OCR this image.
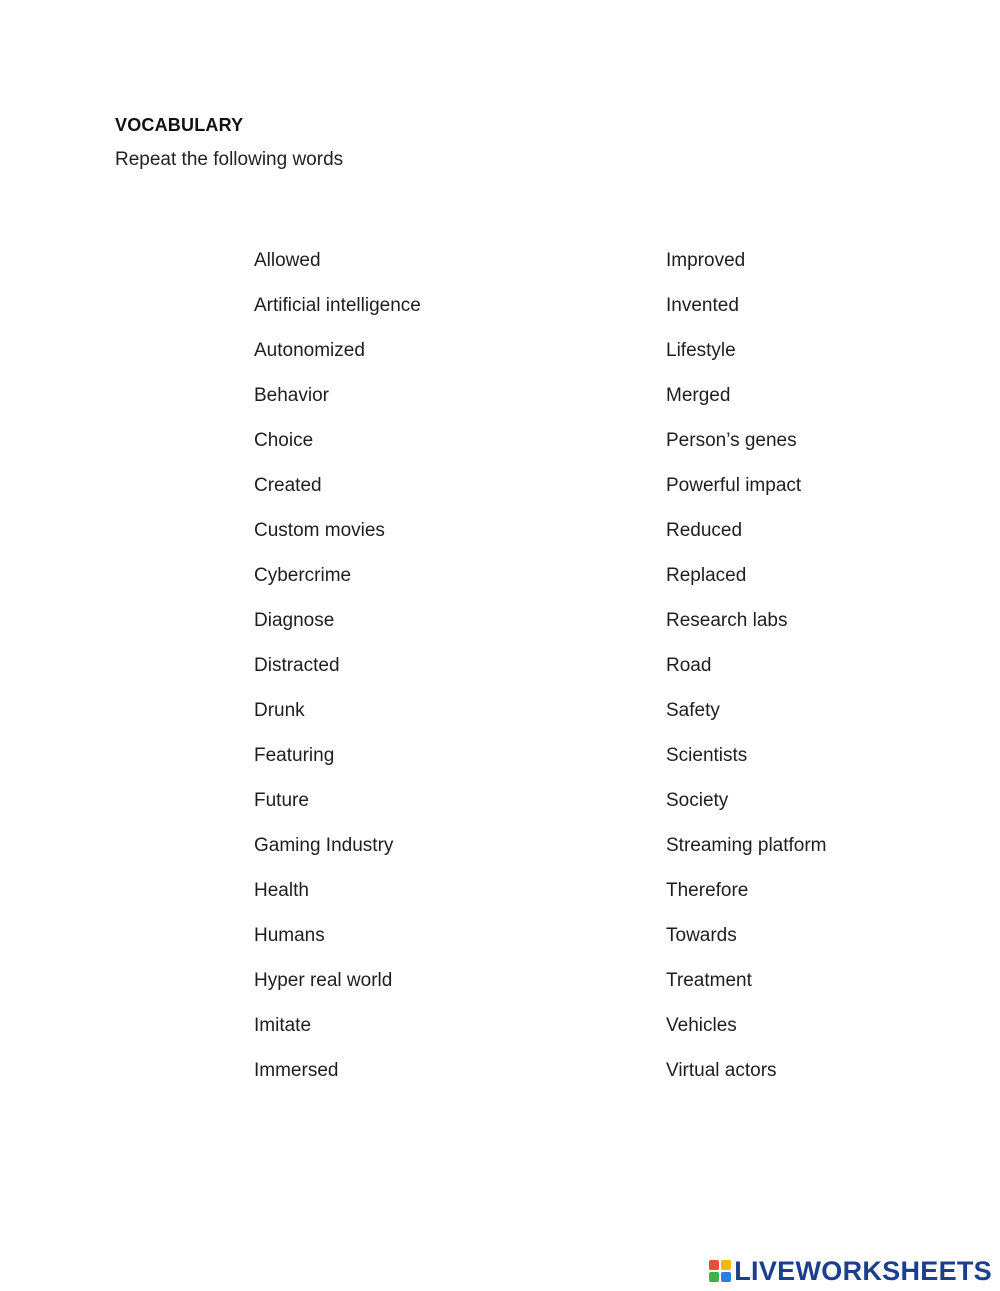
VOCABULARY
Repeat the following words
Allowed
Artificial intelligence
Autonomized
Behavior
Choice
Created
Custom movies
Cybercrime
Diagnose
Distracted
Drunk
Featuring
Future
Gaming Industry
Health
Humans
Hyper real world
Imitate
Immersed
Improved
Invented
Lifestyle
Merged
Person’s genes
Powerful impact
Reduced
Replaced
Research labs
Road
Safety
Scientists
Society
Streaming platform
Therefore
Towards
Treatment
Vehicles
Virtual actors
LIVEWORKSHEETS
